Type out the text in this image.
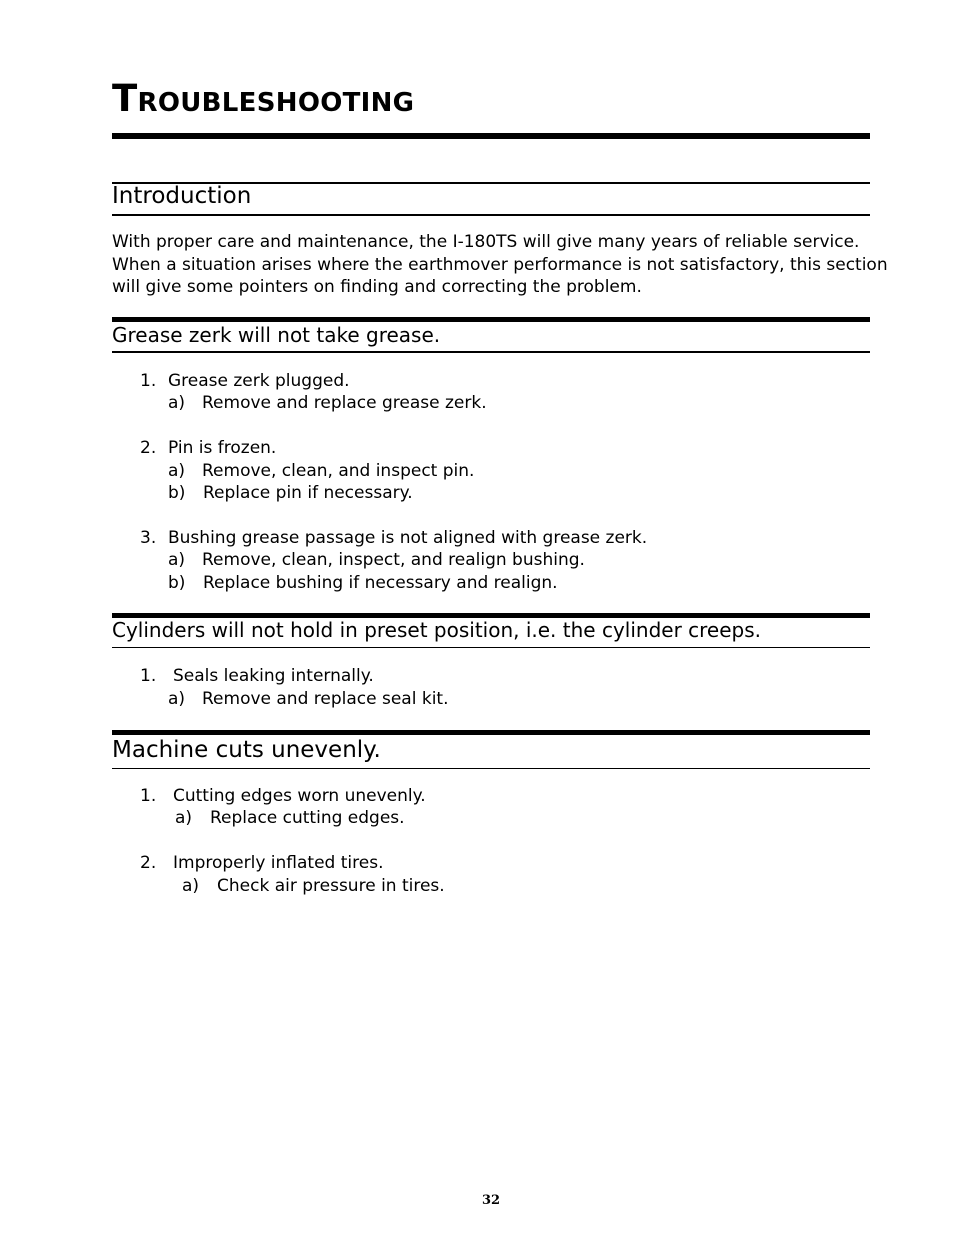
TROUBLESHOOTING
Introduction
With proper care and maintenance, the I-180TS will give many years of reliable service.
When a situation arises where the earthmover performance is not satisfactory, this section
will give some pointers on finding and correcting the problem.
Grease zerk will not take grease.
1. Grease zerk plugged.
a) Remove and replace grease zerk.
2. Pin is frozen.
a) Remove, clean, and inspect pin.
b) Replace pin if necessary.
3. Bushing grease passage is not aligned with grease zerk.
a) Remove, clean, inspect, and realign bushing.
b) Replace bushing if necessary and realign.
Cylinders will not hold in preset position, i.e. the cylinder creeps.
1. Seals leaking internally.
a) Remove and replace seal kit.
Machine cuts unevenly.
1. Cutting edges worn unevenly.
a) Replace cutting edges.
2. Improperly inflated tires.
a) Check air pressure in tires.
32
